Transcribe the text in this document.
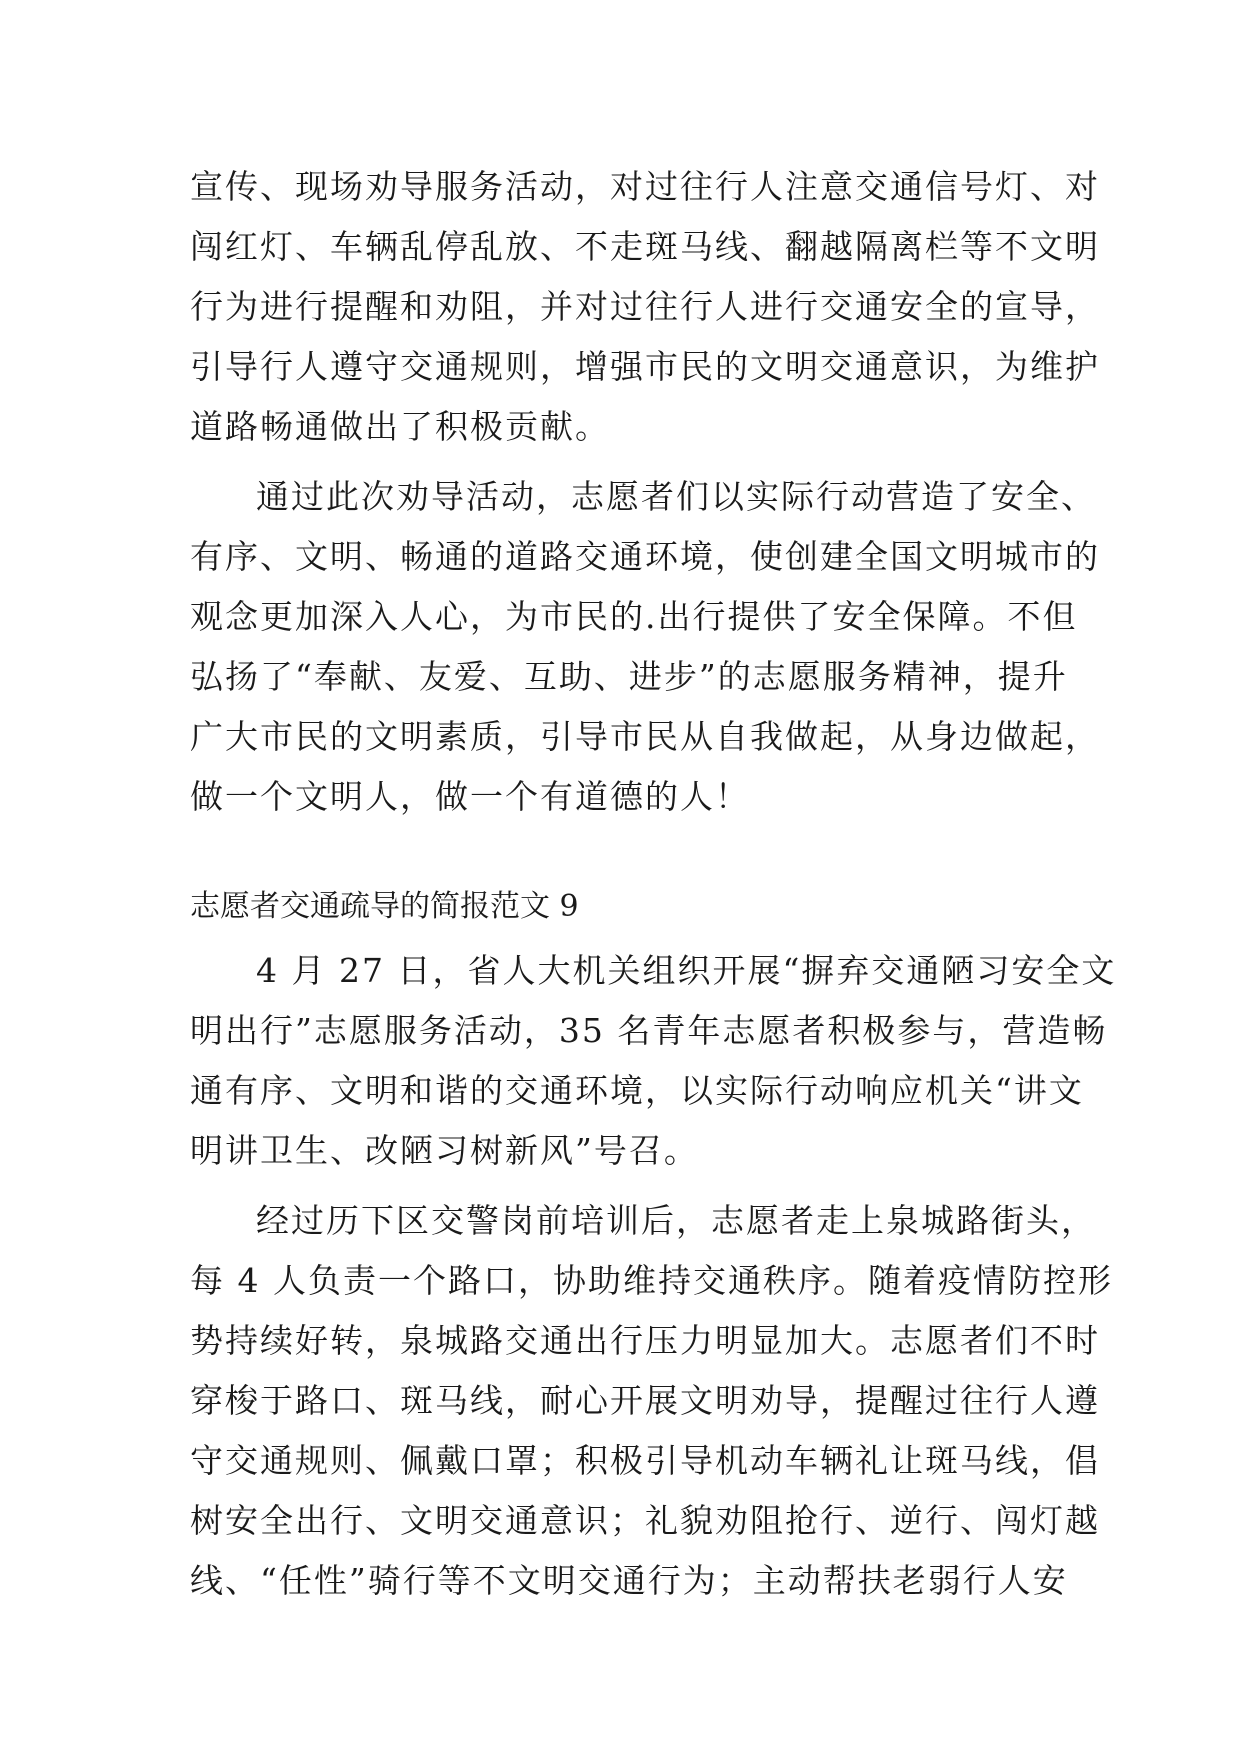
宣传、现场劝导服务活动，对过往行人注意交通信号灯、对
闯红灯、车辆乱停乱放、不走斑马线、翻越隔离栏等不文明
行为进行提醒和劝阻，并对过往行人进行交通安全的宣导，
引导行人遵守交通规则，增强市民的文明交通意识，为维护
道路畅通做出了积极贡献。
通过此次劝导活动，志愿者们以实际行动营造了安全、
有序、文明、畅通的道路交通环境，使创建全国文明城市的
观念更加深入人心，为市民的.出行提供了安全保障。不但
弘扬了“奉献、友爱、互助、进步”的志愿服务精神，提升
广大市民的文明素质，引导市民从自我做起，从身边做起，
做一个文明人，做一个有道德的人！
志愿者交通疏导的简报范文 9
4 月 27 日，省人大机关组织开展“摒弃交通陋习安全文
明出行”志愿服务活动，35 名青年志愿者积极参与，营造畅
通有序、文明和谐的交通环境，以实际行动响应机关“讲文
明讲卫生、改陋习树新风”号召。
经过历下区交警岗前培训后，志愿者走上泉城路街头，
每 4 人负责一个路口，协助维持交通秩序。随着疫情防控形
势持续好转，泉城路交通出行压力明显加大。志愿者们不时
穿梭于路口、斑马线，耐心开展文明劝导，提醒过往行人遵
守交通规则、佩戴口罩；积极引导机动车辆礼让斑马线，倡
树安全出行、文明交通意识；礼貌劝阻抢行、逆行、闯灯越
线、“任性”骑行等不文明交通行为；主动帮扶老弱行人安
